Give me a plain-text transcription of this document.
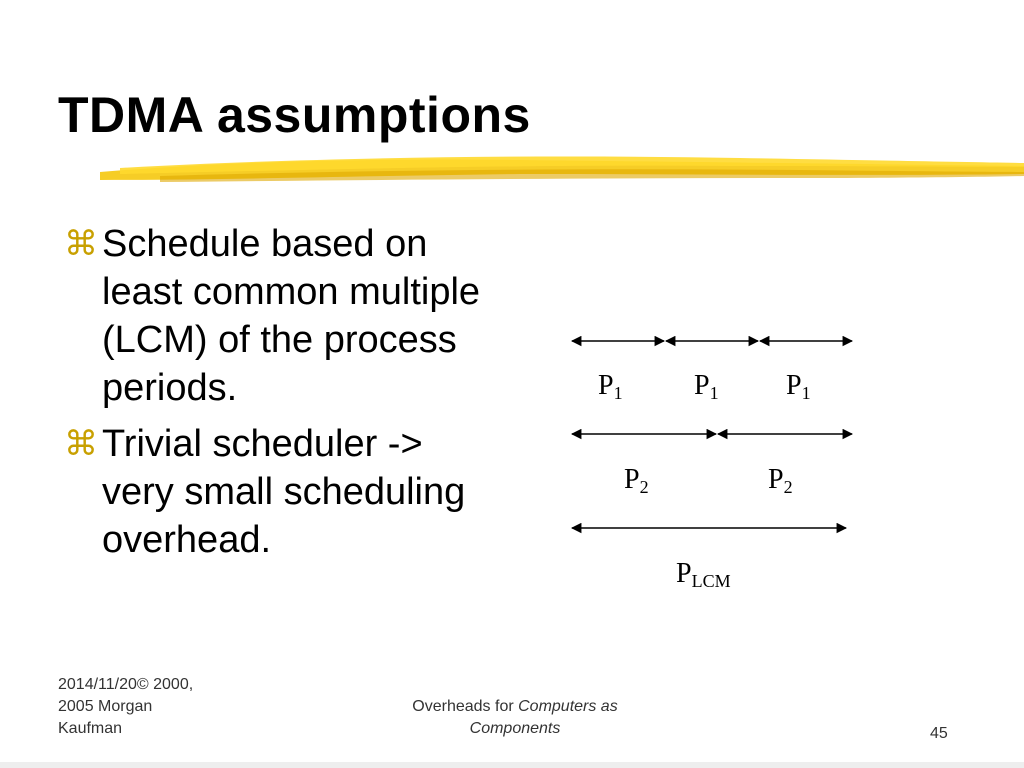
TDMA assumptions
⌘ Schedule based on least common multiple (LCM) of the process periods.
⌘ Trivial scheduler -> very small scheduling overhead.
$P_1$	$P_1$ $P_1$
$P_2$	$P_2$
$P_{LCM}$
2014/11/20© 2000,
2005 Morgan
Kaufman
Overheads for Computers as
Components	45
